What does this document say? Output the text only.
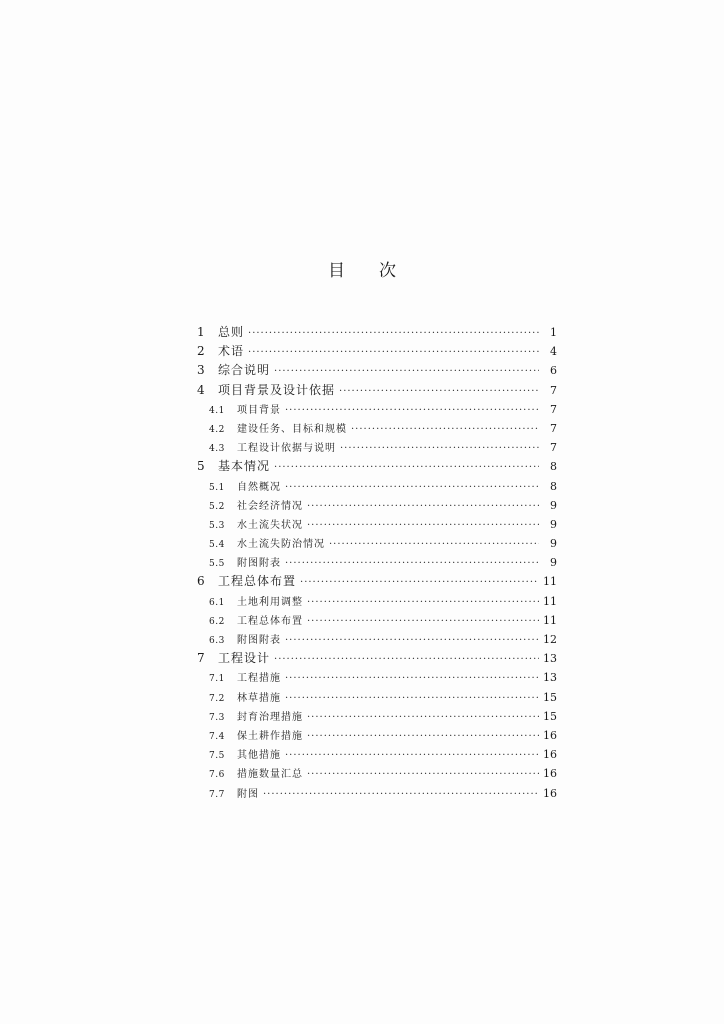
目 次
1	总则 ·····	1
2	术语 ·····	4
3	综合说明 ·····	6
4	项目背景及设计依据 ·····	7
4.1	项目背景 ·····	7
4.2	建设任务、目标和规模 ·····	7
4.3	工程设计依据与说明 ·····	7
5	基本情况 ·····	8
5.1	自然概况 ·····	8
5.2	社会经济情况 ·····	9
5.3	水土流失状况 ·····	9
5.4	水土流失防治情况 ·····	9
5.5	附图附表 ·····	9
6	工程总体布置 ·····	11
6.1	土地利用调整 ·····	11
6.2	工程总体布置 ·····	11
6.3	附图附表 ·····	12
7	工程设计 ·····	13
7.1	工程措施 ·····	13
7.2	林草措施 ·····	15
7.3	封育治理措施 ·····	15
7.4	保土耕作措施 ·····	16
7.5	其他措施 ·····	16
7.6	措施数量汇总 ·····	16
7.7	附图 ·····	16
